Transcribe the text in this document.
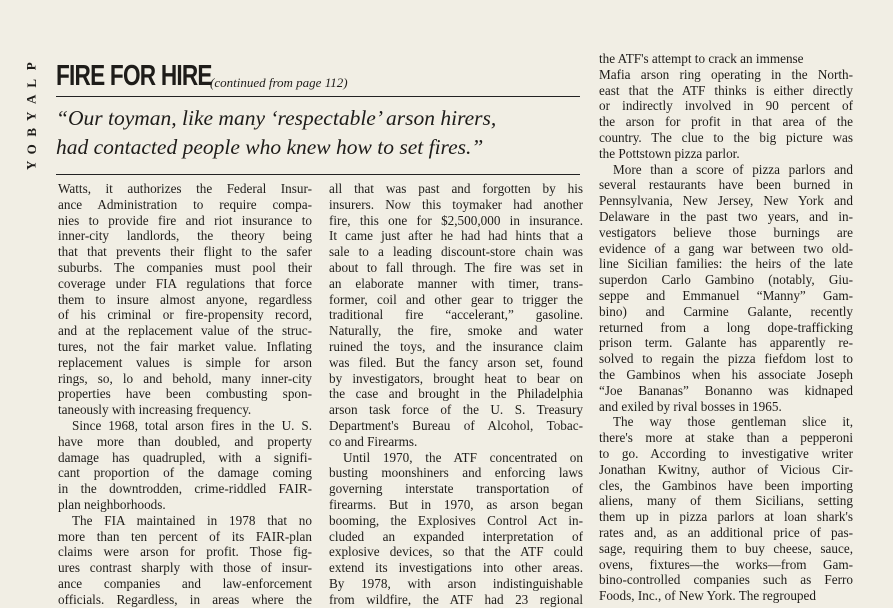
P
L
A
Y
B
O
Y
FIRE FOR HIRE
(continued from page 112)
“Our toyman, like many ‘respectable’ arson hirers,
had contacted people who knew how to set fires.”
Watts, it authorizes the Federal Insur-
ance Administration to require compa-
nies to provide fire and riot insurance to
inner-city landlords, the theory being
that that prevents their flight to the safer
suburbs. The companies must pool their
coverage under FIA regulations that force
them to insure almost anyone, regardless
of his criminal or fire-propensity record,
and at the replacement value of the struc-
tures, not the fair market value. Inflating
replacement values is simple for arson
rings, so, lo and behold, many inner-city
properties have been combusting spon-
taneously with increasing frequency.
Since 1968, total arson fires in the U. S.
have more than doubled, and property
damage has quadrupled, with a signifi-
cant proportion of the damage coming
in the downtrodden, crime-riddled FAIR-
plan neighborhoods.
The FIA maintained in 1978 that no
more than ten percent of its FAIR-plan
claims were arson for profit. Those fig-
ures contrast sharply with those of insur-
ance companies and law-enforcement
officials. Regardless, in areas where the
all that was past and forgotten by his
insurers. Now this toymaker had another
fire, this one for $2,500,000 in insurance.
It came just after he had had hints that a
sale to a leading discount-store chain was
about to fall through. The fire was set in
an elaborate manner with timer, trans-
former, coil and other gear to trigger the
traditional fire “accelerant,” gasoline.
Naturally, the fire, smoke and water
ruined the toys, and the insurance claim
was filed. But the fancy arson set, found
by investigators, brought heat to bear on
the case and brought in the Philadelphia
arson task force of the U. S. Treasury
Department's Bureau of Alcohol, Tobac-
co and Firearms.
Until 1970, the ATF concentrated on
busting moonshiners and enforcing laws
governing interstate transportation of
firearms. But in 1970, as arson began
booming, the Explosives Control Act in-
cluded an expanded interpretation of
explosive devices, so that the ATF could
extend its investigations into other areas.
By 1978, with arson indistinguishable
from wildfire, the ATF had 23 regional
the ATF's attempt to crack an immense
Mafia arson ring operating in the North-
east that the ATF thinks is either directly
or indirectly involved in 90 percent of
the arson for profit in that area of the
country. The clue to the big picture was
the Pottstown pizza parlor.
More than a score of pizza parlors and
several restaurants have been burned in
Pennsylvania, New Jersey, New York and
Delaware in the past two years, and in-
vestigators believe those burnings are
evidence of a gang war between two old-
line Sicilian families: the heirs of the late
superdon Carlo Gambino (notably, Giu-
seppe and Emmanuel “Manny” Gam-
bino) and Carmine Galante, recently
returned from a long dope-trafficking
prison term. Galante has apparently re-
solved to regain the pizza fiefdom lost to
the Gambinos when his associate Joseph
“Joe Bananas” Bonanno was kidnaped
and exiled by rival bosses in 1965.
The way those gentleman slice it,
there's more at stake than a pepperoni
to go. According to investigative writer
Jonathan Kwitny, author of Vicious Cir-
cles, the Gambinos have been importing
aliens, many of them Sicilians, setting
them up in pizza parlors at loan shark's
rates and, as an additional price of pas-
sage, requiring them to buy cheese, sauce,
ovens, fixtures—the works—from Gam-
bino-controlled companies such as Ferro
Foods, Inc., of New York. The regrouped
